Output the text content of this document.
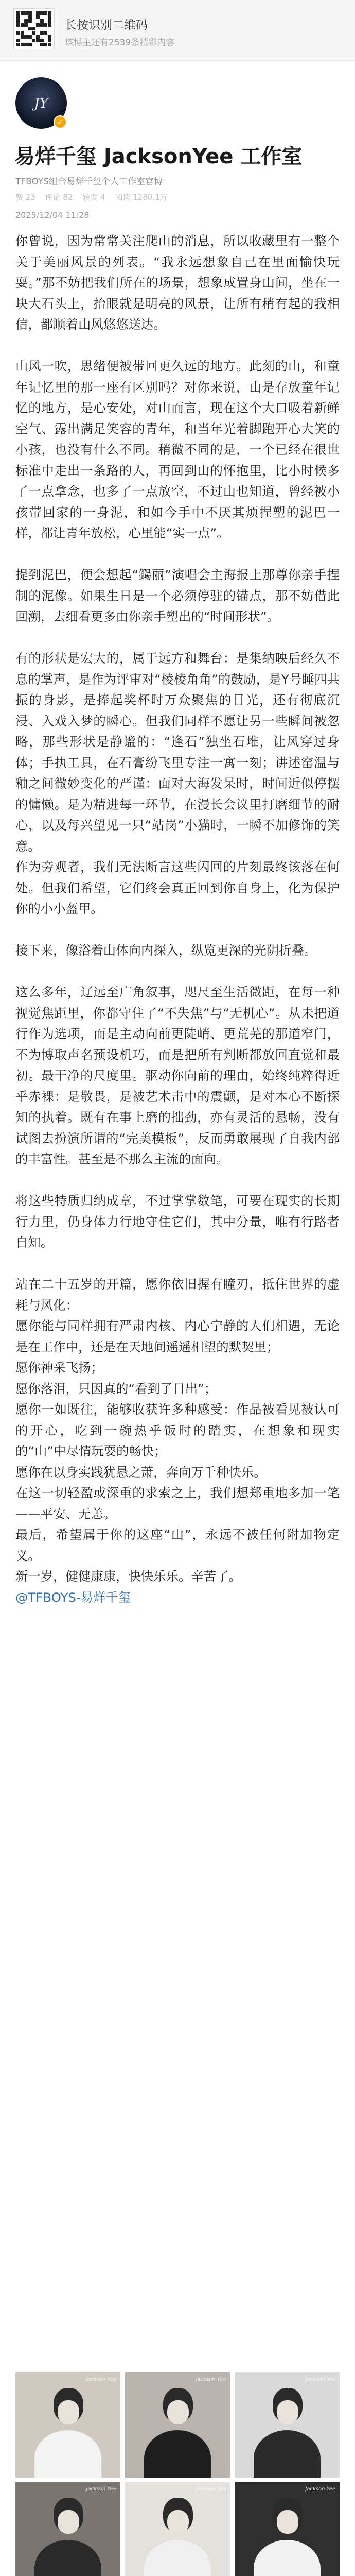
长按识别二维码
该博主还有2539条精彩内容
JY
✓
易烊千玺 JacksonYee 工作室
TFBOYS组合易烊千玺个人工作室官博
赞 23 评论 82 转发 4 阅读 1280.1万
2025/12/04 11:28

你曾说，因为常常关注爬山的消息，所以收藏里有一整个关于美丽风景的列表。“我永远想象自己在里面愉快玩耍。”那不妨把我们所在的场景，想象成置身山间，坐在一块大石头上，抬眼就是明亮的风景，让所有稍有起的我相信，都顺着山风悠悠送达。

山风一吹，思绪便被带回更久远的地方。此刻的山，和童年记忆里的那一座有区别吗？对你来说，山是存放童年记忆的地方，是心安处，对山而言，现在这个大口吸着新鲜空气、露出满足笑容的青年，和当年光着脚跑开心大笑的小孩，也没有什么不同。稍微不同的是，一个已经在很世标准中走出一条路的人，再回到山的怀抱里，比小时候多了一点拿念，也多了一点放空，不过山也知道，曾经被小孩带回家的一身泥，和如今手中不厌其烦捏塑的泥巴一样，都让青年放松，心里能“实一点”。

提到泥巴，便会想起“鐊丽”演唱会主海报上那尊你亲手捏制的泥像。如果生日是一个必须停驻的锚点，那不妨借此回溯，去细看更多由你亲手塑出的“时间形状”。

有的形状是宏大的，属于远方和舞台：是集纳映后经久不息的掌声，是作为评审对“棱棱角角”的鼓励，是Y号睡四共振的身影，是捧起奖杯时万众聚焦的目光，还有彻底沉浸、入戏入梦的瞬心。但我们同样不愿让另一些瞬间被忽略，那些形状是静谧的：“逢石”独坐石堆，让风穿过身体；手执工具，在石膏纷飞里专注一寓一刻；讲述窑温与釉之间微妙变化的严谨：面对大海发呆时，时间近似停摆的慵懒。是为精进每一环节，在漫长会议里打磨细节的耐心，以及每兴望见一只“站岗”小猫时，一瞬不加修饰的笑意。

作为旁观者，我们无法断言这些闪回的片刻最终该落在何处。但我们希望，它们终会真正回到你自身上，化为保护你的小小盔甲。

接下来，像浴着山体向内探入，纵览更深的光阴折叠。

这么多年，辽远至广角叙事，咫尺至生活微距，在每一种视觉焦距里，你都守住了“不失焦”与“无机心”。从未把道行作为选项，而是主动向前更陡峭、更荒芜的那道窄门，不为博取声名预设机巧，而是把所有判断都放回直觉和最初。最干净的尺度里。驱动你向前的理由，始终纯粹得近乎赤裸：是敬畏，是被艺术击中的震颤，是对本心不断探知的执着。既有在事上磨的拙劲，亦有灵活的悬畅，没有试图去扮演所谓的“完美模板”，反而勇敢展现了自我内部的丰富性。甚至是不那么主流的面向。

将这些特质归纳成章，不过掌掌数笔，可要在现实的长期行力里，仍身体力行地守住它们，其中分量，唯有行路者自知。

站在二十五岁的开篇，愿你依旧握有瞳刃，抵住世界的虚耗与风化：

愿你能与同样拥有严肃内核、内心宁静的人们相遇，无论是在工作中，还是在天地间遥遥相望的默契里；

愿你神采飞扬；

愿你落泪，只因真的“看到了日出”；

愿你一如既往，能够收获许多种感受：作品被看见被认可的开心，吃到一碗热乎饭时的踏实，在想象和现实的“山”中尽情玩耍的畅快；

愿你在以身实践犹悬之萧，奔向万千种快乐。

在这一切轻盈或深重的求索之上，我们想郑重地多加一笔——平安、无恙。

最后，希望属于你的这座“山”，永远不被任何附加物定义。

新一岁，健健康康，快快乐乐。辛苦了。

@TFBOYS-易烊千玺

Jackson Yee	Jackson Yee	Jackson Yee
Jackson Yee	Jackson Yee	Jackson Yee
